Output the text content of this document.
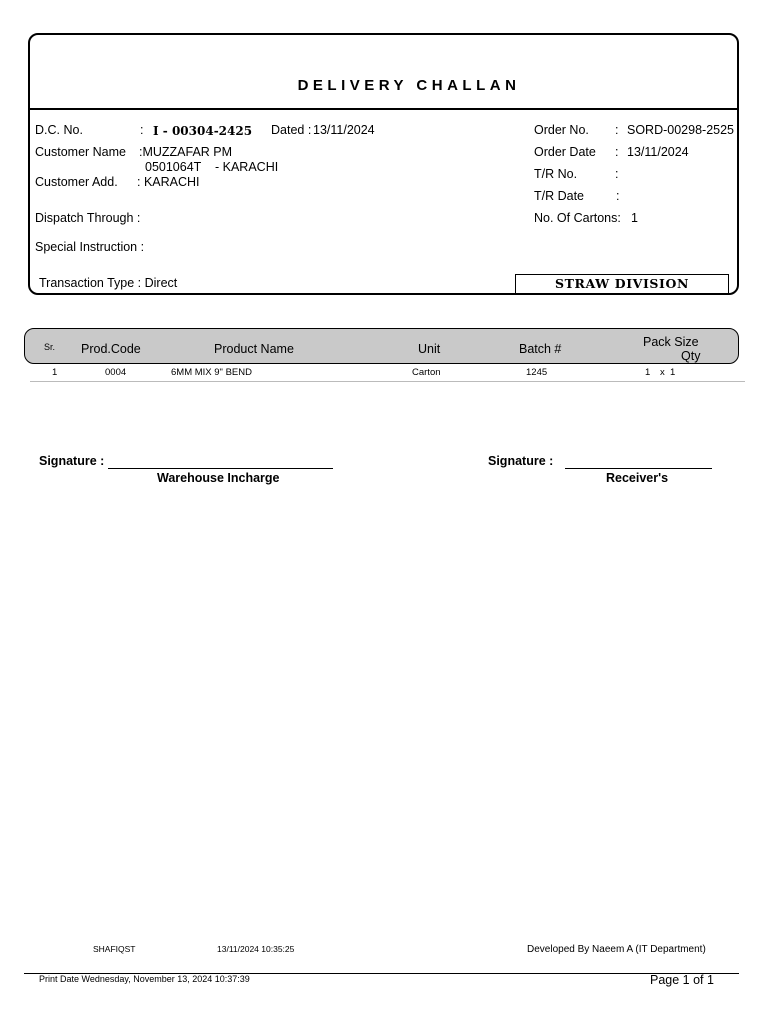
DELIVERY CHALLAN
D.C. No.	: I - 00304-2425 Dated : 13/11/2024
Customer Name :MUZZAFAR PM
0501064T - KARACHI
Customer Add. : KARACHI
Dispatch Through :
Special Instruction :
Transaction Type : Direct
Order No. : SORD-00298-2525
Order Date : 13/11/2024
T/R No.	:
T/R Date	:
No. Of Cartons: 1
STRAW DIVISION
Sr. Prod.Code	Product Name	Unit	Batch #	Pack Size
Qty
1	0004	6MM MIX 9" BEND	Carton	1245	1 x 1
Signature :
Warehouse Incharge
Signature :
Receiver's
SHAFIQST	13/11/2024 10:35:25	Developed By Naeem A (IT Department)
Print Date Wednesday, November 13, 2024 10:37:39	Page 1 of 1
